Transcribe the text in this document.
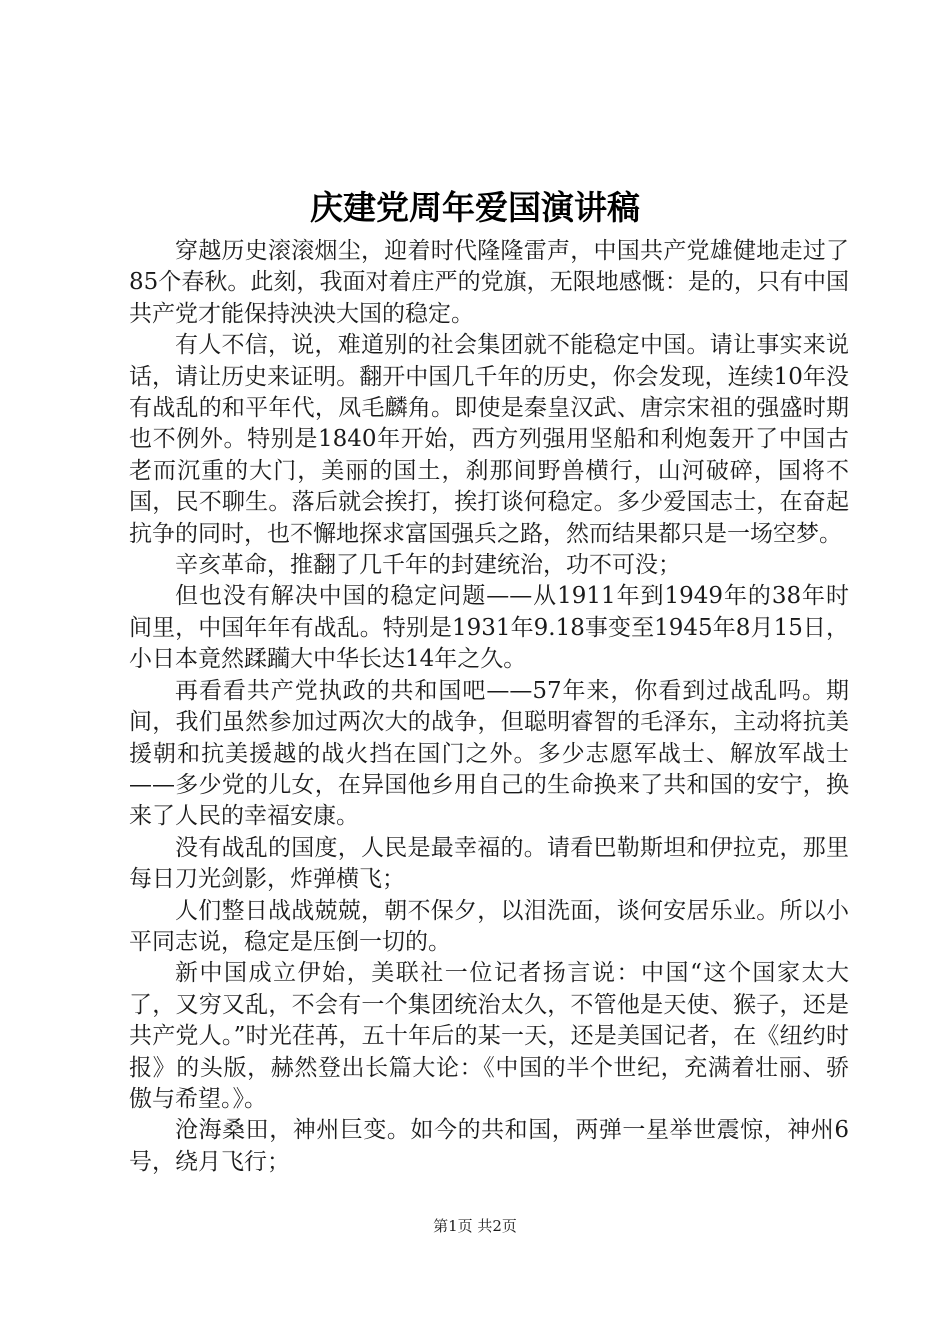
庆建党周年爱国演讲稿

穿越历史滚滚烟尘，迎着时代隆隆雷声，中国共产党雄健地走过了85个春秋。此刻，我面对着庄严的党旗，无限地感慨：是的，只有中国共产党才能保持泱泱大国的稳定。

有人不信，说，难道别的社会集团就不能稳定中国。请让事实来说话，请让历史来证明。翻开中国几千年的历史，你会发现，连续10年没有战乱的和平年代，凤毛麟角。即使是秦皇汉武、唐宗宋祖的强盛时期也不例外。特别是1840年开始，西方列强用坚船和利炮轰开了中国古老而沉重的大门，美丽的国土，刹那间野兽横行，山河破碎，国将不国，民不聊生。落后就会挨打，挨打谈何稳定。多少爱国志士，在奋起抗争的同时，也不懈地探求富国强兵之路，然而结果都只是一场空梦。

辛亥革命，推翻了几千年的封建统治，功不可没；

但也没有解决中国的稳定问题——从1911年到1949年的38年时间里，中国年年有战乱。特别是1931年9.18事变至1945年8月15日，小日本竟然蹂躏大中华长达14年之久。

再看看共产党执政的共和国吧——57年来，你看到过战乱吗。期间，我们虽然参加过两次大的战争，但聪明睿智的毛泽东，主动将抗美援朝和抗美援越的战火挡在国门之外。多少志愿军战士、解放军战士——多少党的儿女，在异国他乡用自己的生命换来了共和国的安宁，换来了人民的幸福安康。

没有战乱的国度，人民是最幸福的。请看巴勒斯坦和伊拉克，那里每日刀光剑影，炸弹横飞；

人们整日战战兢兢，朝不保夕，以泪洗面，谈何安居乐业。所以小平同志说，稳定是压倒一切的。

新中国成立伊始，美联社一位记者扬言说：中国“这个国家太大了，又穷又乱，不会有一个集团统治太久，不管他是天使、猴子，还是共产党人。”时光荏苒，五十年后的某一天，还是美国记者，在《纽约时报》的头版，赫然登出长篇大论：《中国的半个世纪，充满着壮丽、骄傲与希望。》。

沧海桑田，神州巨变。如今的共和国，两弹一星举世震惊，神州6号，绕月飞行；

第1页 共2页
